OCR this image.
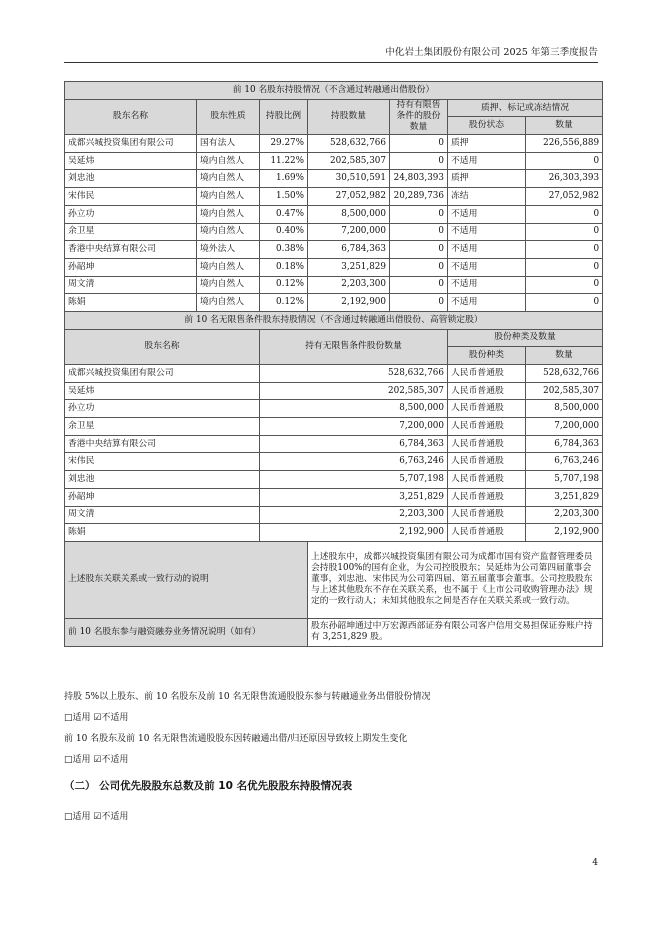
中化岩土集团股份有限公司 2025 年第三季度报告
前 10 名股东持股情况（不含通过转融通出借股份）						
股东名称	股东性质	持股比例	持股数量	持有有限售条件的股份数量	质押、标记或冻结情况	
					股份状态	数量
成都兴城投资集团有限公司	国有法人	29.27%	528,632,766	0	质押	226,556,889
吴延炜	境内自然人	11.22%	202,585,307	0	不适用	0
刘忠池	境内自然人	1.69%	30,510,591	24,803,393	质押	26,303,393
宋伟民	境内自然人	1.50%	27,052,982	20,289,736	冻结	27,052,982
孙立功	境内自然人	0.47%	8,500,000	0	不适用	0
余卫星	境内自然人	0.40%	7,200,000	0	不适用	0
香港中央结算有限公司	境外法人	0.38%	6,784,363	0	不适用	0
孙韶坤	境内自然人	0.18%	3,251,829	0	不适用	0
周文清	境内自然人	0.12%	2,203,300	0	不适用	0
陈娟	境内自然人	0.12%	2,192,900	0	不适用	0
前 10 名无限售条件股东持股情况（不含通过转融通出借股份、高管锁定股）						
股东名称		持有无限售条件股份数量			股份种类及数量	
					股份种类	数量
成都兴城投资集团有限公司		528,632,766			人民币普通股	528,632,766
吴延炜		202,585,307			人民币普通股	202,585,307
孙立功		8,500,000			人民币普通股	8,500,000
余卫星		7,200,000			人民币普通股	7,200,000
香港中央结算有限公司		6,784,363			人民币普通股	6,784,363
宋伟民		6,763,246			人民币普通股	6,763,246
刘忠池		5,707,198			人民币普通股	5,707,198
孙韶坤		3,251,829			人民币普通股	3,251,829
周文清		2,203,300			人民币普通股	2,203,300
陈娟		2,192,900			人民币普通股	2,192,900
上述股东关联关系或一致行动的说明			上述股东中，成都兴城投资集团有限公司为成都市国有资产监督管理委员会持股100%的国有企业，为公司控股股东；吴延炜为公司第四届董事会董事，刘忠池、宋伟民为公司第四届、第五届董事会董事。公司控股股东与上述其他股东不存在关联关系，也不属于《上市公司收购管理办法》规定的一致行动人；未知其他股东之间是否存在关联关系或一致行动。			
前 10 名股东参与融资融券业务情况说明（如有）			股东孙韶坤通过中万宏源西部证券有限公司客户信用交易担保证券账户持有 3,251,829 股。			
持股 5%以上股东、前 10 名股东及前 10 名无限售流通股股东参与转融通业务出借股份情况
□适用 ☑不适用
前 10 名股东及前 10 名无限售流通股股东因转融通出借/归还原因导致较上期发生变化
□适用 ☑不适用
（二） 公司优先股股东总数及前 10 名优先股股东持股情况表
□适用 ☑不适用
4
